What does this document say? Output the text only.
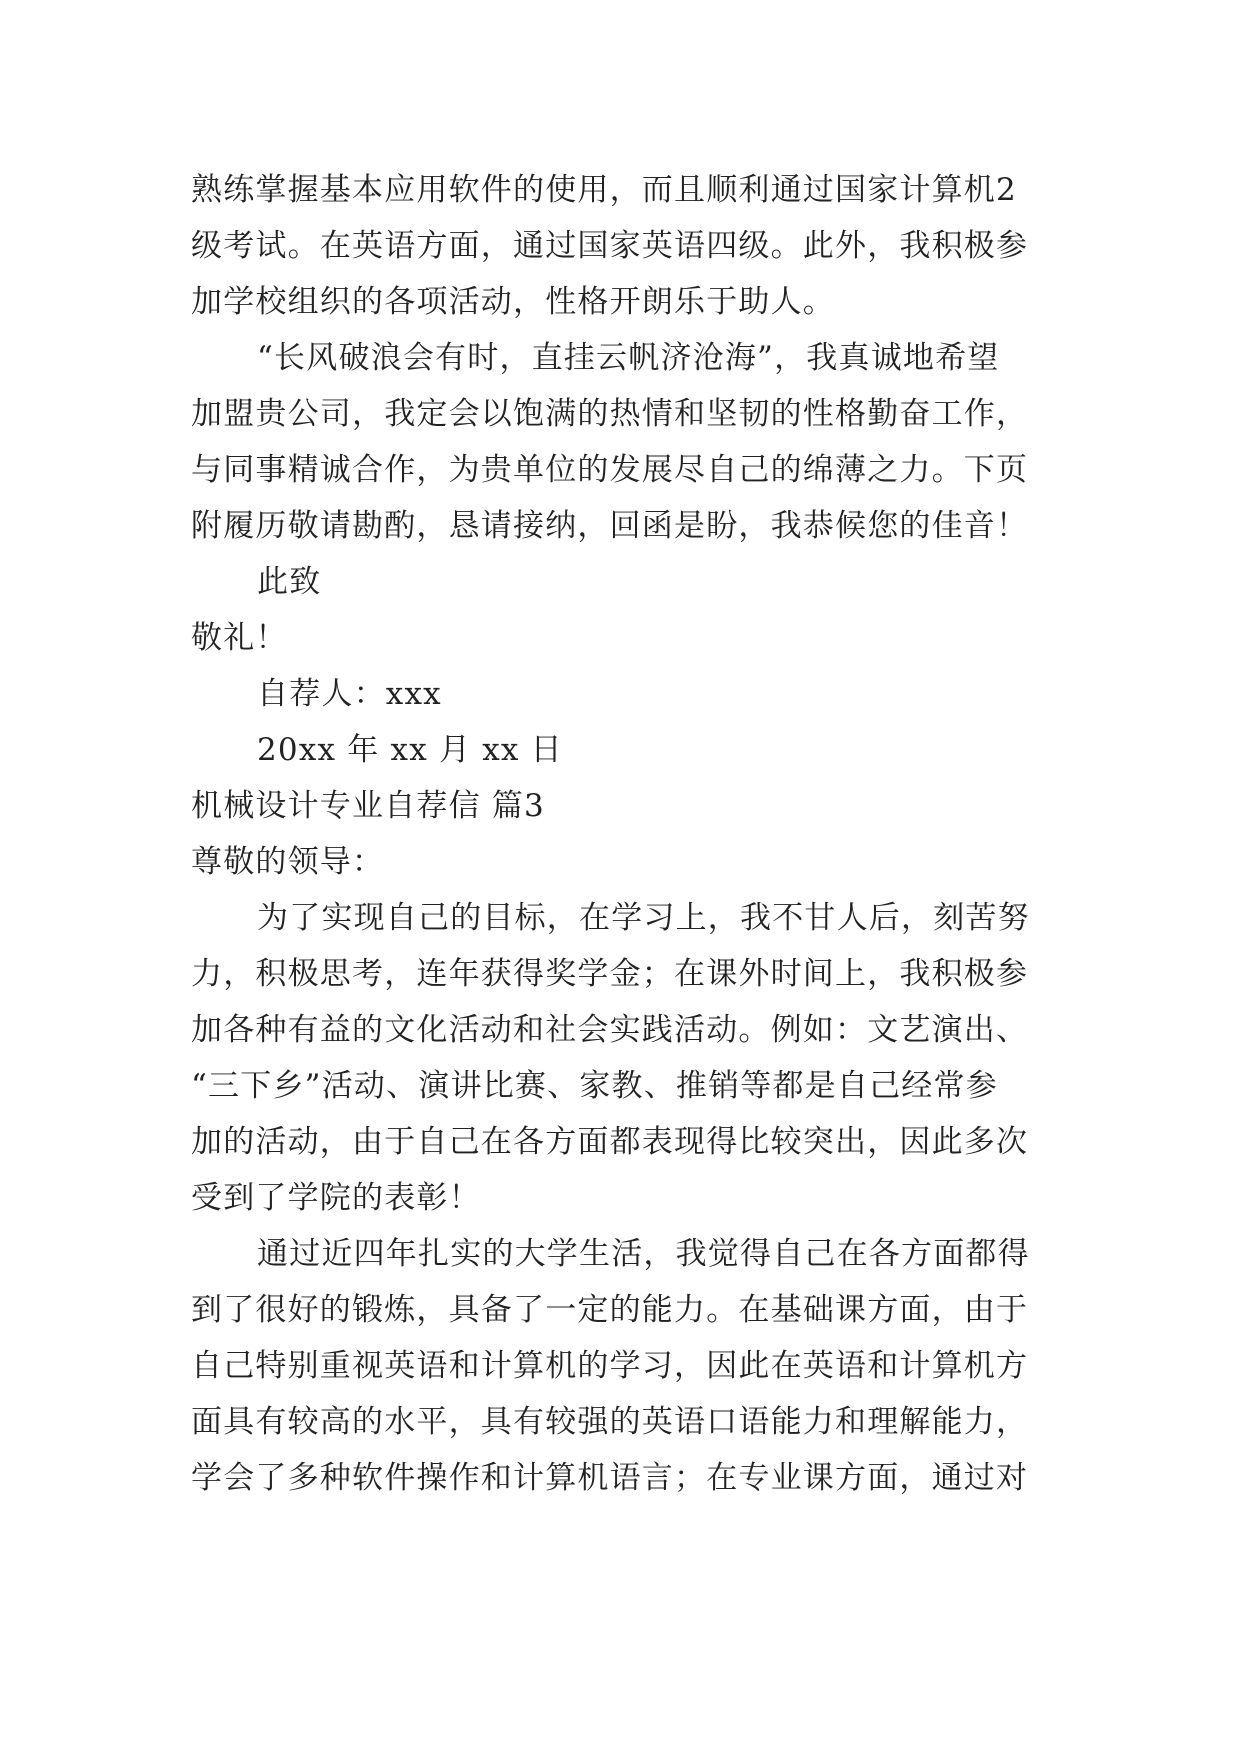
熟练掌握基本应用软件的使用，而且顺利通过国家计算机2
级考试。在英语方面，通过国家英语四级。此外，我积极参
加学校组织的各项活动，性格开朗乐于助人。
“长风破浪会有时，直挂云帆济沧海”，我真诚地希望
加盟贵公司，我定会以饱满的热情和坚韧的性格勤奋工作，
与同事精诚合作，为贵单位的发展尽自己的绵薄之力。下页
附履历敬请勘酌，恳请接纳，回函是盼，我恭候您的佳音！
此致
敬礼！
自荐人：xxx
20xx 年 xx 月 xx 日
机械设计专业自荐信 篇3
尊敬的领导：
为了实现自己的目标，在学习上，我不甘人后，刻苦努
力，积极思考，连年获得奖学金；在课外时间上，我积极参
加各种有益的文化活动和社会实践活动。例如：文艺演出、
“三下乡”活动、演讲比赛、家教、推销等都是自己经常参
加的活动，由于自己在各方面都表现得比较突出，因此多次
受到了学院的表彰！
通过近四年扎实的大学生活，我觉得自己在各方面都得
到了很好的锻炼，具备了一定的能力。在基础课方面，由于
自己特别重视英语和计算机的学习，因此在英语和计算机方
面具有较高的水平，具有较强的英语口语能力和理解能力，
学会了多种软件操作和计算机语言；在专业课方面，通过对
